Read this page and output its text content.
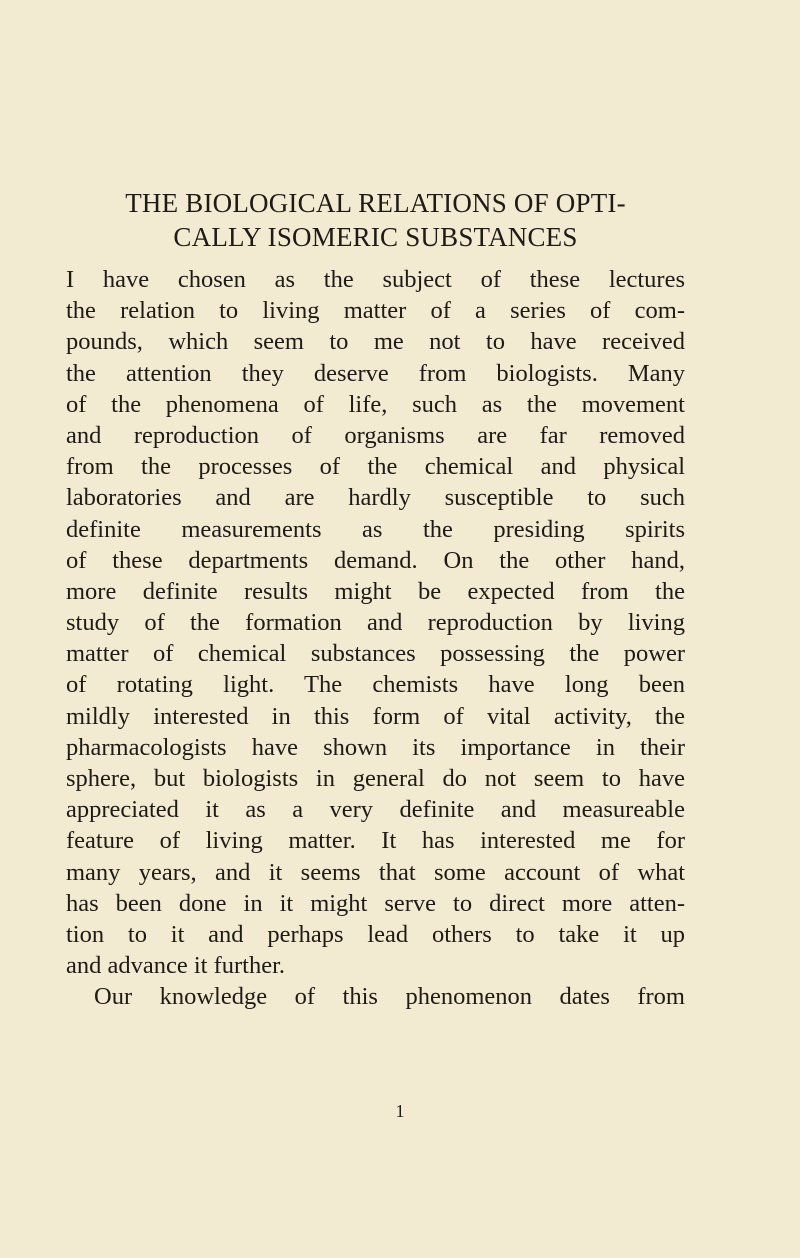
THE BIOLOGICAL RELATIONS OF OPTI-
CALLY ISOMERIC SUBSTANCES
I have chosen as the subject of these lectures
the relation to living matter of a series of com-
pounds, which seem to me not to have received
the attention they deserve from biologists. Many
of the phenomena of life, such as the movement
and reproduction of organisms are far removed
from the processes of the chemical and physical
laboratories and are hardly susceptible to such
definite measurements as the presiding spirits
of these departments demand. On the other hand,
more definite results might be expected from the
study of the formation and reproduction by living
matter of chemical substances possessing the power
of rotating light. The chemists have long been
mildly interested in this form of vital activity, the
pharmacologists have shown its importance in their
sphere, but biologists in general do not seem to have
appreciated it as a very definite and measureable
feature of living matter. It has interested me for
many years, and it seems that some account of what
has been done in it might serve to direct more atten-
tion to it and perhaps lead others to take it up
and advance it further.
Our knowledge of this phenomenon dates from
1
